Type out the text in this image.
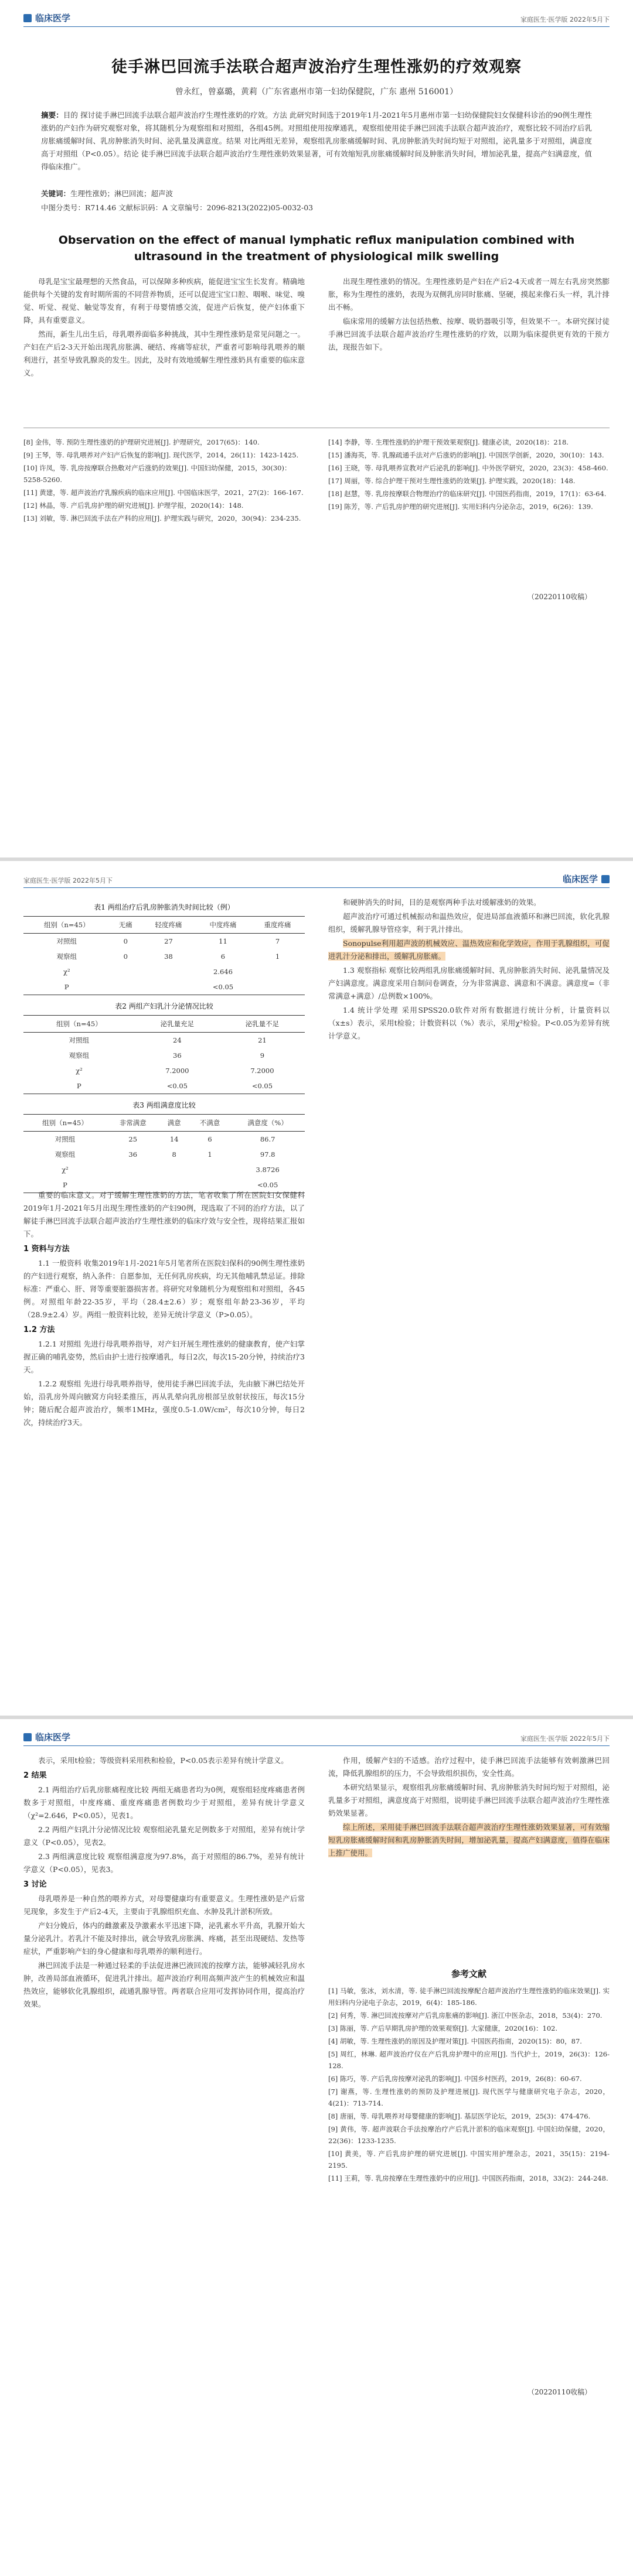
临床医学	家庭医生·医学版 2022年5月下
徒手淋巴回流手法联合超声波治疗生理性涨奶的疗效观察
曾永红，曾嘉璐，黄莉（广东省惠州市第一妇幼保健院，广东 惠州 516001）
摘要：目的 探讨徒手淋巴回流手法联合超声波治疗生理性涨奶的疗效。方法 此研究时间选于2019年1月-2021年5月惠州市第一妇幼保健院妇女保健科诊治的90例生理性涨奶的产妇作为研究观察对象，将其随机分为观察组和对照组，各组45例。对照组使用按摩通乳，观察组使用徒手淋巴回流手法联合超声波治疗，观察比较不同治疗后乳房胀痛缓解时间、乳房肿胀消失时间、泌乳量及满意度。结果 对比两组无差异，观察组乳房胀痛缓解时间、乳房肿胀消失时间均短于对照组，泌乳量多于对照组，满意度高于对照组（P<0.05）。结论 徒手淋巴回流手法联合超声波治疗生理性涨奶效果显著，可有效缩短乳房胀痛缓解时间及肿胀消失时间，增加泌乳量，提高产妇满意度，值得临床推广。
关键词：生理性涨奶；淋巴回流；超声波
中图分类号：R714.46 文献标识码：A 文章编号：2096-8213(2022)05-0032-03
Observation on the effect of manual lymphatic reflux manipulation combined with ultrasound in the treatment of physiological milk swelling

母乳是宝宝最理想的天然食品，可以保障多种疾病，能促进宝宝生长发育。精确地能供每个关键的发育时期所需的不同营养物质，还可以促进宝宝口腔、咽喉、味觉、嗅觉、听觉、视觉、触觉等发育，有利于母婴情感交流，促进产后恢复，使产妇体重下降，具有重要意义。

然而，新生儿出生后，母乳喂养面临多种挑战，其中生理性涨奶是常见问题之一。产妇在产后2-3天开始出现乳房胀满、硬结、疼痛等症状，严重者可影响母乳喂养的顺利进行，甚至导致乳腺炎的发生。因此，及时有效地缓解生理性涨奶具有重要的临床意义。

出现生理性涨奶的情况。生理性涨奶是产妇在产后2-4天或者一周左右乳房突然膨胀，称为生理性的涨奶，表现为双侧乳房同时胀痛、坚硬，摸起来像石头一样，乳汁排出不畅。

临床常用的缓解方法包括热敷、按摩、吸奶器吸引等，但效果不一。本研究探讨徒手淋巴回流手法联合超声波治疗生理性涨奶的疗效，以期为临床提供更有效的干预方法，现报告如下。

[8] 金伟，等. 预防生理性涨奶的护理研究进展[J]. 护理研究，2017(65)：140.
[9] 王琴，等. 母乳喂养对产妇产后恢复的影响[J]. 现代医学，2014，26(11)：1423-1425.
[10] 许凤，等. 乳房按摩联合热敷对产后涨奶的效果[J]. 中国妇幼保健，2015，30(30)：5258-5260.
[11] 黄建，等. 超声波治疗乳腺疾病的临床应用[J]. 中国临床医学，2021，27(2)：166-167.
[12] 林晶，等. 产后乳房护理的研究进展[J]. 护理学报，2020(14)：148.
[13] 刘敏，等. 淋巴回流手法在产科的应用[J]. 护理实践与研究，2020，30(94)：234-235.
[14] 李静，等. 生理性涨奶的护理干预效果观察[J]. 健康必读，2020(18)：218.
[15] 潘海英，等. 乳腺疏通手法对产后涨奶的影响[J]. 中国医学创新，2020，30(10)：143.
[16] 王晓，等. 母乳喂养宣教对产后泌乳的影响[J]. 中外医学研究，2020，23(3)：458-460.
[17] 周丽，等. 综合护理干预对生理性涨奶的效果[J]. 护理实践，2020(18)：148.
[18] 赵慧，等. 乳房按摩联合物理治疗的临床研究[J]. 中国医药指南，2019，17(1)：63-64.
[19] 陈芳，等. 产后乳房护理的研究进展[J]. 实用妇科内分泌杂志，2019，6(26)：139.
（20220110收稿）
家庭医生·医学版 2022年5月下	临床医学
表1 两组治疗后乳房肿胀消失时间比较（例）
组别（n=45）	无痛	轻度疼痛	中度疼痛	重度疼痛
对照组	0	27	11	7
观察组	0	38	6	1
χ²			2.646	
P			<0.05	
表2 两组产妇乳汁分泌情况比较
组别（n=45）	泌乳量充足	泌乳量不足
对照组	24	21
观察组	36	9
χ²	7.2000	7.2000
P	<0.05	<0.05
表3 两组满意度比较
组别（n=45）	非常满意	满意	不满意	满意度（%）
对照组	25	14	6	86.7
观察组	36	8	1	97.8
χ²				3.8726
P				<0.05

重要的临床意义。对于缓解生理性涨奶的方法，笔者收集了所在医院妇女保健科2019年1月-2021年5月出现生理性涨奶的产妇90例，现选取了不同的治疗方法，以了解徒手淋巴回流手法联合超声波治疗生理性涨奶的临床疗效与安全性，现将结果汇报如下。

1 资料与方法

1.1 一般资料 收集2019年1月-2021年5月笔者所在医院妇保科的90例生理性涨奶的产妇进行观察，纳入条件：自愿参加，无任何乳房疾病，均无其他哺乳禁忌证。排除标准：严重心、肝、肾等重要脏器损害者。将研究对象随机分为观察组和对照组，各45例。对照组年龄22-35岁，平均（28.4±2.6）岁；观察组年龄23-36岁，平均（28.9±2.4）岁。两组一般资料比较，差异无统计学意义（P>0.05）。

1.2 方法

1.2.1 对照组 先进行母乳喂养指导，对产妇开展生理性涨奶的健康教育，使产妇掌握正确的哺乳姿势，然后由护士进行按摩通乳，每日2次，每次15-20分钟，持续治疗3天。

1.2.2 观察组 先进行母乳喂养指导，使用徒手淋巴回流手法，先由腋下淋巴结处开始，沿乳房外周向腋窝方向轻柔推压，再从乳晕向乳房根部呈放射状按压，每次15分钟；随后配合超声波治疗，频率1MHz，强度0.5-1.0W/cm²，每次10分钟，每日2次，持续治疗3天。

和硬肿消失的时间，目的是观察两种手法对缓解涨奶的效果。

超声波治疗可通过机械振动和温热效应，促进局部血液循环和淋巴回流，软化乳腺组织，缓解乳腺导管痉挛，利于乳汁排出。

Sonopulse利用超声波的机械效应、温热效应和化学效应，作用于乳腺组织，可促进乳汁分泌和排出，缓解乳房胀痛。

1.3 观察指标 观察比较两组乳房胀痛缓解时间、乳房肿胀消失时间、泌乳量情况及产妇满意度。满意度采用自制问卷调查，分为非常满意、满意和不满意。满意度=（非常满意+满意）/总例数×100%。

1.4 统计学处理 采用SPSS20.0软件对所有数据进行统计分析，计量资料以（x±s）表示，采用t检验；计数资料以（%）表示，采用χ²检验。P<0.05为差异有统计学意义。

临床医学	家庭医生·医学版 2022年5月下

表示，采用t检验；等级资料采用秩和检验，P<0.05表示差异有统计学意义。

2 结果

2.1 两组治疗后乳房胀痛程度比较 两组无痛患者均为0例，观察组轻度疼痛患者例数多于对照组，中度疼痛、重度疼痛患者例数均少于对照组，差异有统计学意义（χ²=2.646，P<0.05），见表1。

2.2 两组产妇乳汁分泌情况比较 观察组泌乳量充足例数多于对照组，差异有统计学意义（P<0.05），见表2。

2.3 两组满意度比较 观察组满意度为97.8%，高于对照组的86.7%，差异有统计学意义（P<0.05），见表3。

3 讨论

母乳喂养是一种自然的喂养方式，对母婴健康均有重要意义。生理性涨奶是产后常见现象，多发生于产后2-4天，主要由于乳腺组织充血、水肿及乳汁淤积所致。

产妇分娩后，体内的雌激素及孕激素水平迅速下降，泌乳素水平升高，乳腺开始大量分泌乳汁。若乳汁不能及时排出，就会导致乳房胀满、疼痛，甚至出现硬结、发热等症状，严重影响产妇的身心健康和母乳喂养的顺利进行。

淋巴回流手法是一种通过轻柔的手法促进淋巴液回流的按摩方法，能够减轻乳房水肿，改善局部血液循环，促进乳汁排出。超声波治疗利用高频声波产生的机械效应和温热效应，能够软化乳腺组织，疏通乳腺导管。两者联合应用可发挥协同作用，提高治疗效果。

作用，缓解产妇的不适感。治疗过程中，徒手淋巴回流手法能够有效刺激淋巴回流，降低乳腺组织的压力，不会导致组织损伤，安全性高。

本研究结果显示，观察组乳房胀痛缓解时间、乳房肿胀消失时间均短于对照组，泌乳量多于对照组，满意度高于对照组，说明徒手淋巴回流手法联合超声波治疗生理性涨奶效果显著。

综上所述，采用徒手淋巴回流手法联合超声波治疗生理性涨奶效果显著，可有效缩短乳房胀痛缓解时间和乳房肿胀消失时间，增加泌乳量，提高产妇满意度，值得在临床上推广使用。

参考文献
[1] 马敏，张冰，刘水清，等. 徒手淋巴回流按摩配合超声波治疗生理性涨奶的临床效果[J]. 实用妇科内分泌电子杂志，2019，6(4)：185-186.
[2] 何秀，等. 淋巴回流按摩对产后乳房胀痛的影响[J]. 浙江中医杂志，2018，53(4)：270.
[3] 陈丽，等. 产后早期乳房护理的效果观察[J]. 大家健康，2020(16)：102.
[4] 胡敏，等. 生理性涨奶的原因及护理对策[J]. 中国医药指南，2020(15)：80，87.
[5] 周红，林琳. 超声波治疗仪在产后乳房护理中的应用[J]. 当代护士，2019，26(3)：126-128.
[6] 陈巧，等. 产后乳房按摩对泌乳的影响[J]. 中国乡村医药，2019，26(8)：60-67.
[7] 谢燕，等. 生理性涨奶的预防及护理进展[J]. 现代医学与健康研究电子杂志，2020，4(21)：713-714.
[8] 唐丽，等. 母乳喂养对母婴健康的影响[J]. 基层医学论坛，2019，25(3)：474-476.
[9] 黄伟，等. 超声波联合手法按摩治疗产后乳汁淤积的临床观察[J]. 中国妇幼保健，2020，22(36)：1233-1235.
[10] 黄美，等. 产后乳房护理的研究进展[J]. 中国实用护理杂志，2021，35(15)：2194-2195.
[11] 王莉，等. 乳房按摩在生理性涨奶中的应用[J]. 中国医药指南，2018，33(2)：244-248.
（20220110收稿）
